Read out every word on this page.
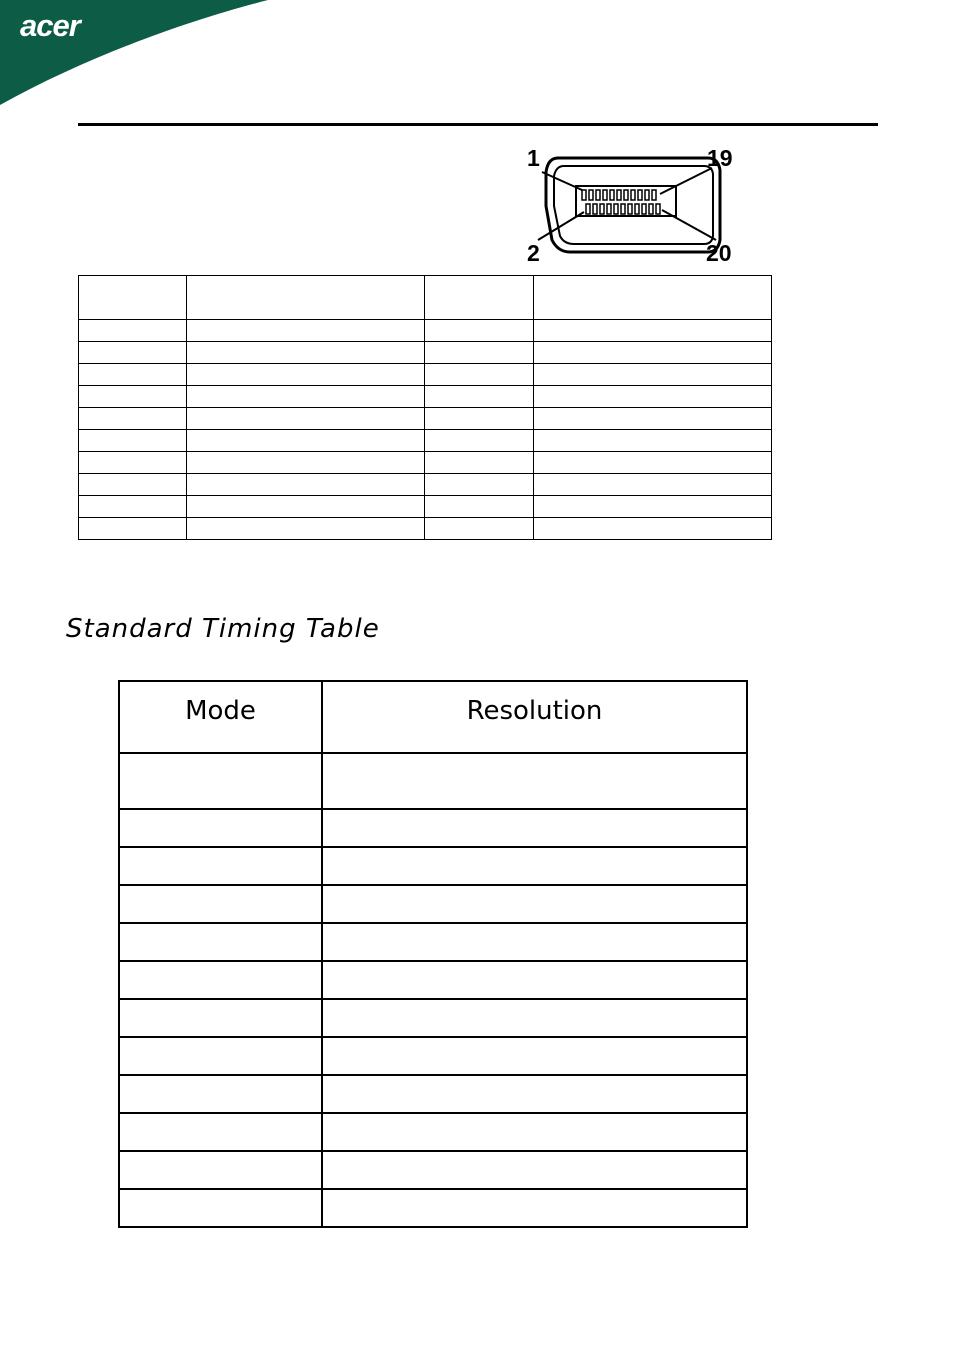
acer
1	19
2	20

Standard Timing Table
Mode	Resolution
